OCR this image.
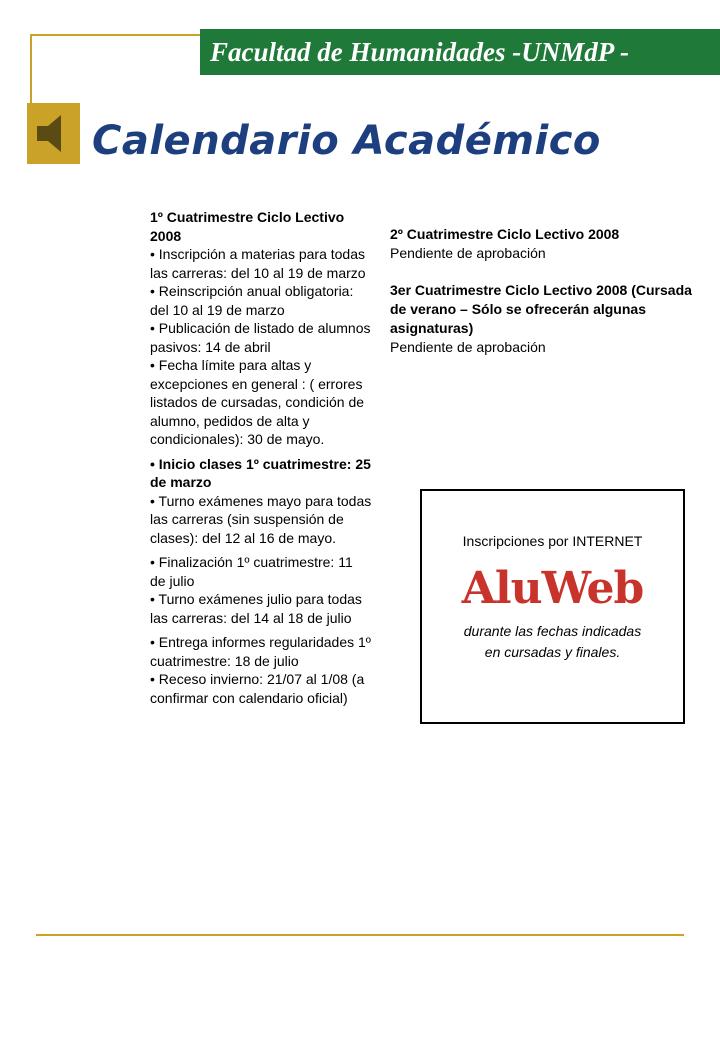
Facultad de Humanidades -UNMdP -
Calendario Académico

1º Cuatrimestre Ciclo Lectivo 2008

• Inscripción a materias para todas las carreras: del 10 al 19 de marzo

• Reinscripción anual obligatoria: del 10 al 19 de marzo

• Publicación de listado de alumnos pasivos: 14 de abril

• Fecha límite para altas y excepciones en general : ( errores listados de cursadas, condición de alumno, pedidos de alta y condicionales): 30 de mayo.

• Inicio clases 1º cuatrimestre: 25 de marzo

• Turno exámenes mayo para todas las carreras (sin suspensión de clases): del 12 al 16 de mayo.

• Finalización 1º cuatrimestre: 11 de julio

• Turno exámenes julio para todas las carreras: del 14 al 18 de julio

• Entrega informes regularidades 1º cuatrimestre: 18 de julio

• Receso invierno: 21/07 al 1/08 (a confirmar con calendario oficial)

2º Cuatrimestre Ciclo Lectivo 2008

Pendiente de aprobación

3er Cuatrimestre Ciclo Lectivo 2008 (Cursada de verano – Sólo se ofrecerán algunas asignaturas)

Pendiente de aprobación

Inscripciones por INTERNET
AluWeb
durante las fechas indicadas
en cursadas y finales.
